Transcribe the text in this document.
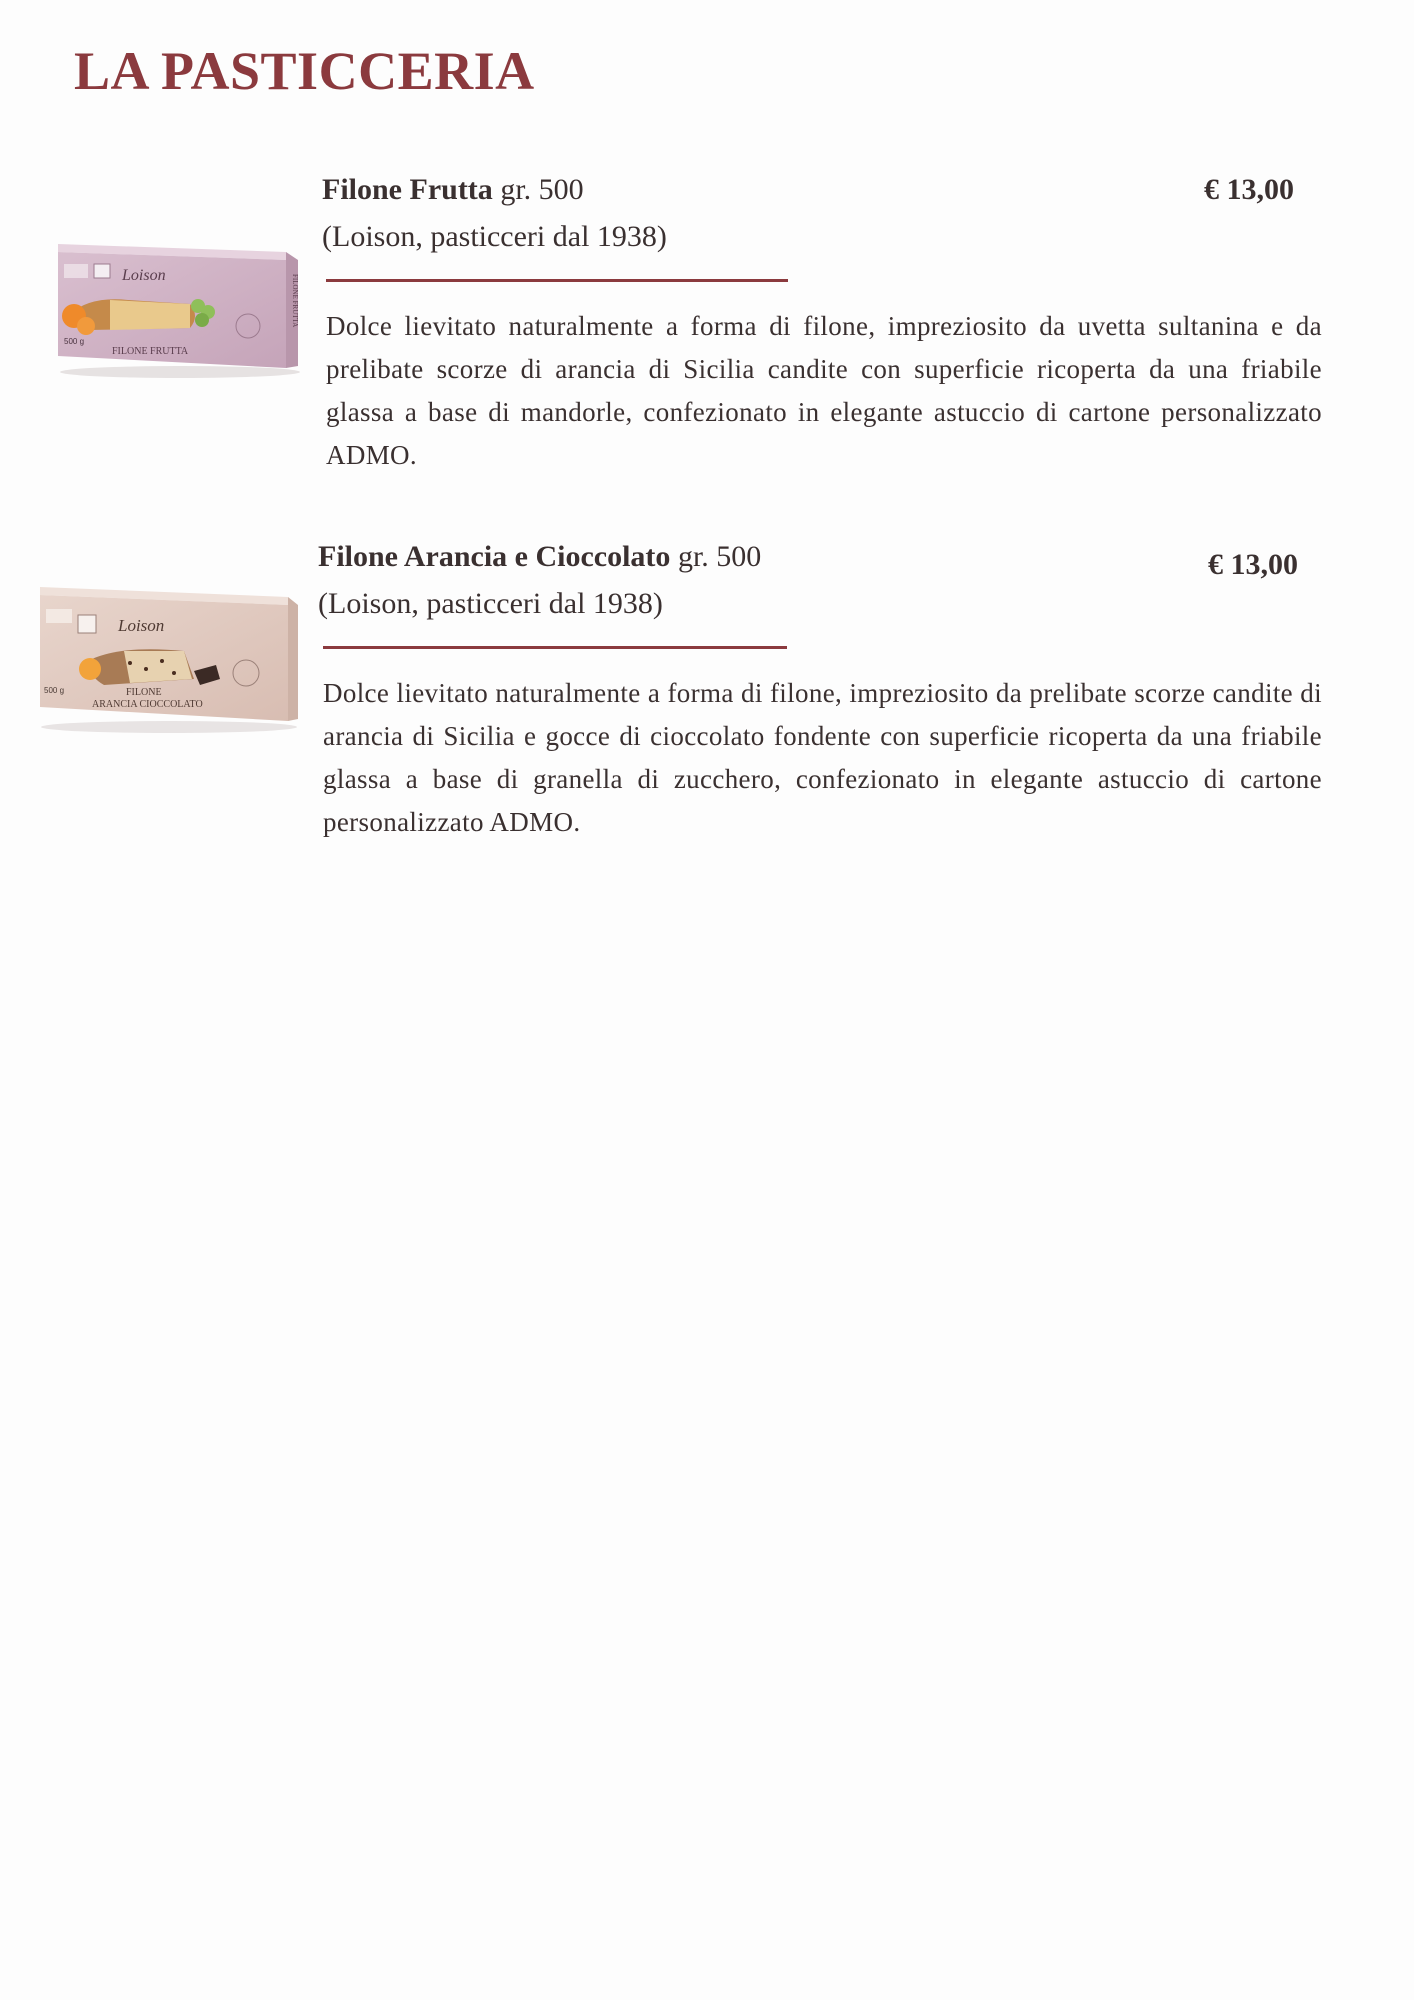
LA PASTICCERIA
Loison
500 g
FILONE FRUTTA
FILONE FRUTTA
Filone Frutta gr. 500	€ 13,00
(Loison, pasticceri dal 1938)

Dolce lievitato naturalmente a forma di filone, impreziosito da uvetta sultanina e da prelibate scorze di arancia di Sicilia candite con superficie ricoperta da una friabile glassa a base di mandorle, confezionato in elegante astuccio di cartone personalizzato ADMO.

Loison
500 g	FILONE
ARANCIA CIOCCOLATO
Filone Arancia e Cioccolato gr. 500	€ 13,00
(Loison, pasticceri dal 1938)

Dolce lievitato naturalmente a forma di filone, impreziosito da prelibate scorze candite di arancia di Sicilia e gocce di cioccolato fondente con superficie ricoperta da una friabile glassa a base di granella di zucchero, confezionato in elegante astuccio di cartone personalizzato ADMO.
